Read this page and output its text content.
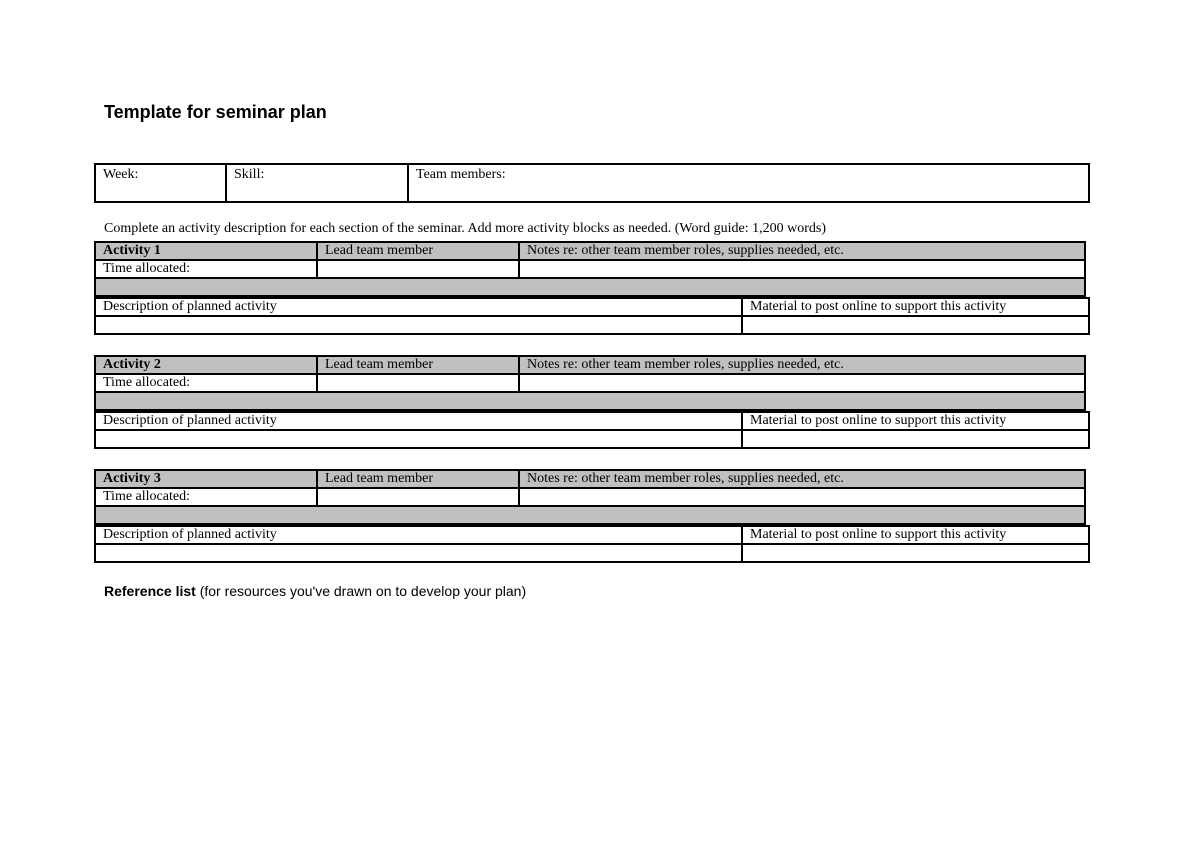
Template for seminar plan
Week:	Skill:	Team members:

Complete an activity description for each section of the seminar. Add more activity blocks as needed. (Word guide: 1,200 words)

Activity 1	Lead team member	Notes re: other team member roles, supplies needed, etc.
Time allocated:		

Description of planned activity	Material to post online to support this activity

Activity 2	Lead team member	Notes re: other team member roles, supplies needed, etc.
Time allocated:		

Description of planned activity	Material to post online to support this activity

Activity 3	Lead team member	Notes re: other team member roles, supplies needed, etc.
Time allocated:		

Description of planned activity	Material to post online to support this activity

Reference list (for resources you've drawn on to develop your plan)
